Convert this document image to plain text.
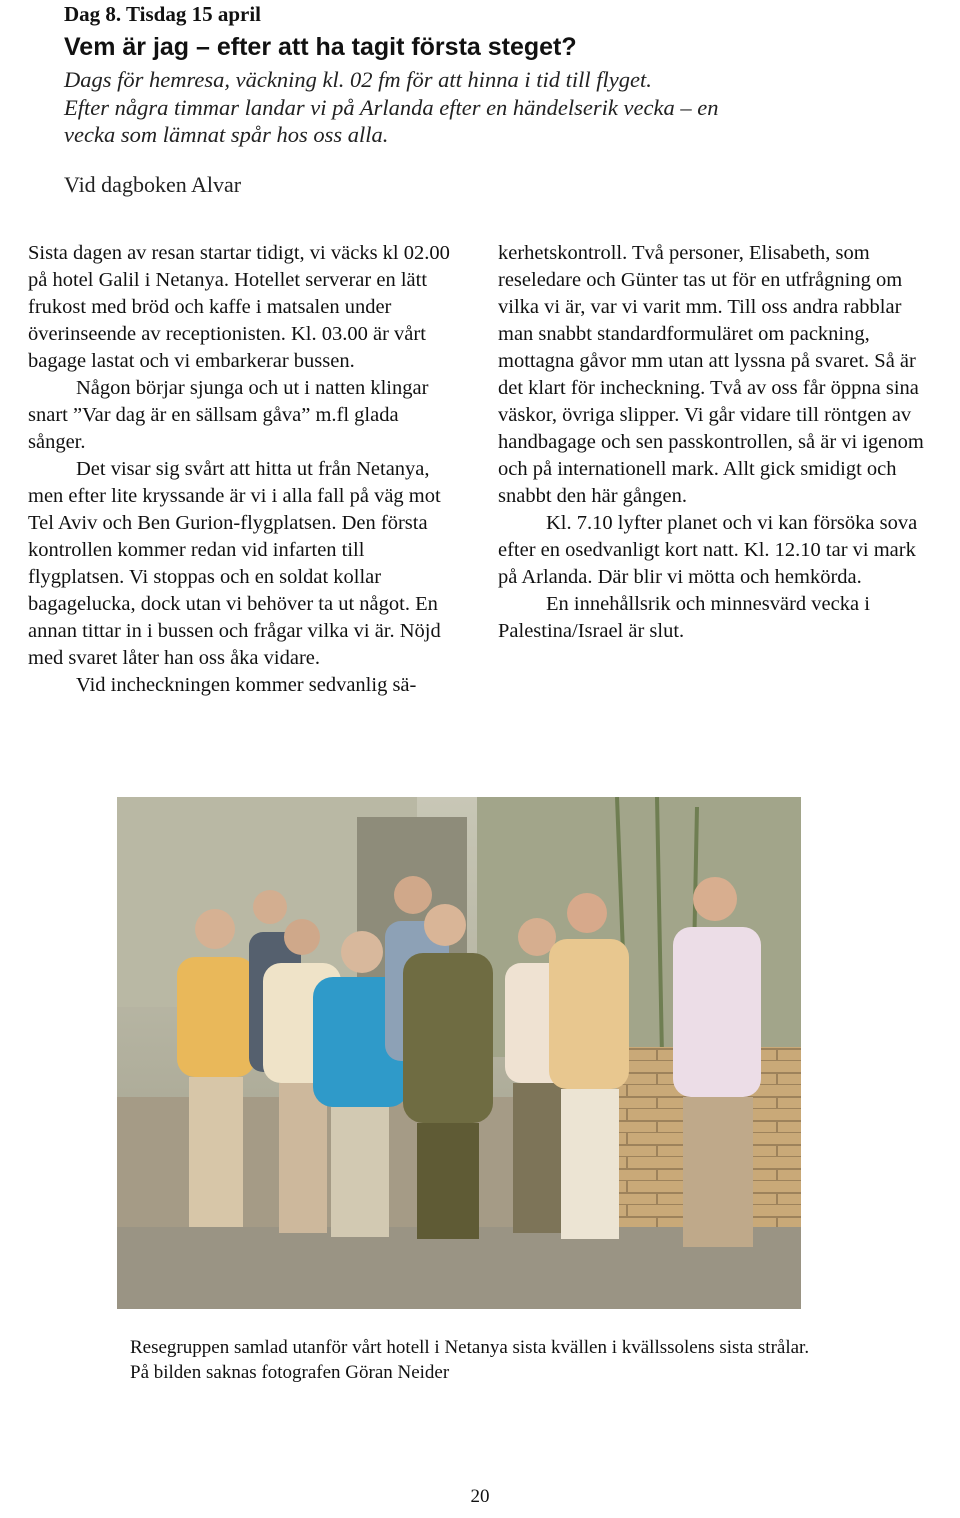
Dag 8. Tisdag 15 april
Vem är jag – efter att ha tagit första steget?
Dags för hemresa, väckning kl. 02 fm för att hinna i tid till flyget.
Efter några timmar landar vi på Arlanda efter en händelserik vecka – en
vecka som lämnat spår hos oss alla.
Vid dagboken Alvar

Sista dagen av resan startar tidigt, vi väcks kl 02.00 på hotel Galil i Netanya. Hotellet serverar en lätt frukost med bröd och kaffe i matsalen under överinseende av receptionisten. Kl. 03.00 är vårt bagage lastat och vi embarkerar bussen.

Någon börjar sjunga och ut i natten klingar snart ”Var dag är en sällsam gåva” m.fl glada sånger.

Det visar sig svårt att hitta ut från Netanya, men efter lite kryssande är vi i alla fall på väg mot Tel Aviv och Ben Gurion-flygplatsen. Den första kontrollen kommer redan vid infarten till flygplatsen. Vi stoppas och en soldat kollar bagagelucka, dock utan vi behöver ta ut något. En annan tittar in i bussen och frågar vilka vi är. Nöjd med svaret låter han oss åka vidare.

Vid incheckningen kommer sedvanlig sä-

kerhetskontroll. Två personer, Elisabeth, som reseledare och Günter tas ut för en utfrågning om vilka vi är, var vi varit mm. Till oss andra rabblar man snabbt standardformuläret om packning, mottagna gåvor mm utan att lyssna på svaret. Så är det klart för incheckning. Två av oss får öppna sina väskor, övriga slipper. Vi går vidare till röntgen av handbagage och sen passkontrollen, så är vi igenom och på internationell mark. Allt gick smidigt och snabbt den här gången.

Kl. 7.10 lyfter planet och vi kan försöka sova efter en osedvanligt kort natt. Kl. 12.10 tar vi mark på Arlanda. Där blir vi mötta och hemkörda.

En innehållsrik och minnesvärd vecka i Palestina/Israel är slut.

Resegruppen samlad utanför vårt hotell i Netanya sista kvällen i kvällssolens sista strålar.

På bilden saknas fotografen Göran Neider

20
